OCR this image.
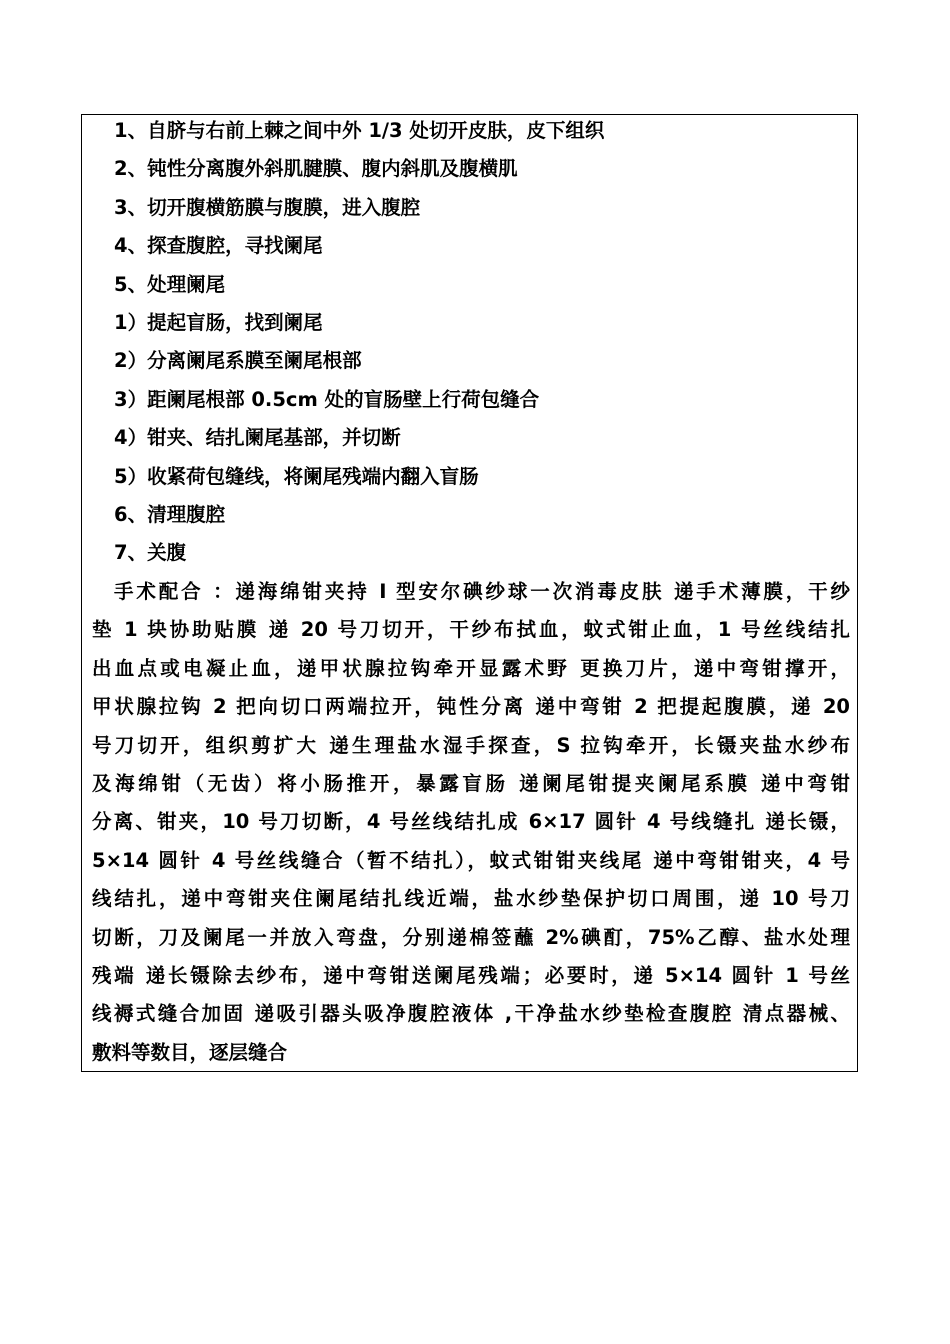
1、自脐与右前上棘之间中外 1/3 处切开皮肤，皮下组织

2、钝性分离腹外斜肌腱膜、腹内斜肌及腹横肌

3、切开腹横筋膜与腹膜，进入腹腔

4、探查腹腔，寻找阑尾

5、处理阑尾

1）提起盲肠，找到阑尾

2）分离阑尾系膜至阑尾根部

3）距阑尾根部 0.5cm 处的盲肠壁上行荷包缝合

4）钳夹、结扎阑尾基部，并切断

5）收紧荷包缝线，将阑尾残端内翻入盲肠

6、清理腹腔

7、关腹

手术配合 ：递海绵钳夹持 I 型安尔碘纱球一次消毒皮肤 递手术薄膜，干纱
垫 1 块协助贴膜 递 20 号刀切开，干纱布拭血，蚊式钳止血，1 号丝线结扎
出血点或电凝止血，递甲状腺拉钩牵开显露术野 更换刀片，递中弯钳撑开，
甲状腺拉钩 2 把向切口两端拉开，钝性分离 递中弯钳 2 把提起腹膜，递 20
号刀切开，组织剪扩大 递生理盐水湿手探查，S 拉钩牵开，长镊夹盐水纱布
及海绵钳（无齿）将小肠推开，暴露盲肠 递阑尾钳提夹阑尾系膜 递中弯钳
分离、钳夹，10 号刀切断，4 号丝线结扎成 6×17 圆针 4 号线缝扎 递长镊，
5×14 圆针 4 号丝线缝合（暂不结扎），蚊式钳钳夹线尾 递中弯钳钳夹，4 号
线结扎，递中弯钳夹住阑尾结扎线近端，盐水纱垫保护切口周围，递 10 号刀
切断，刀及阑尾一并放入弯盘，分别递棉签蘸 2%碘酊，75%乙醇、盐水处理
残端 递长镊除去纱布，递中弯钳送阑尾残端；必要时，递 5×14 圆针 1 号丝
线褥式缝合加固 递吸引器头吸净腹腔液体 ,干净盐水纱垫检查腹腔 清点器械、
敷料等数目，逐层缝合
